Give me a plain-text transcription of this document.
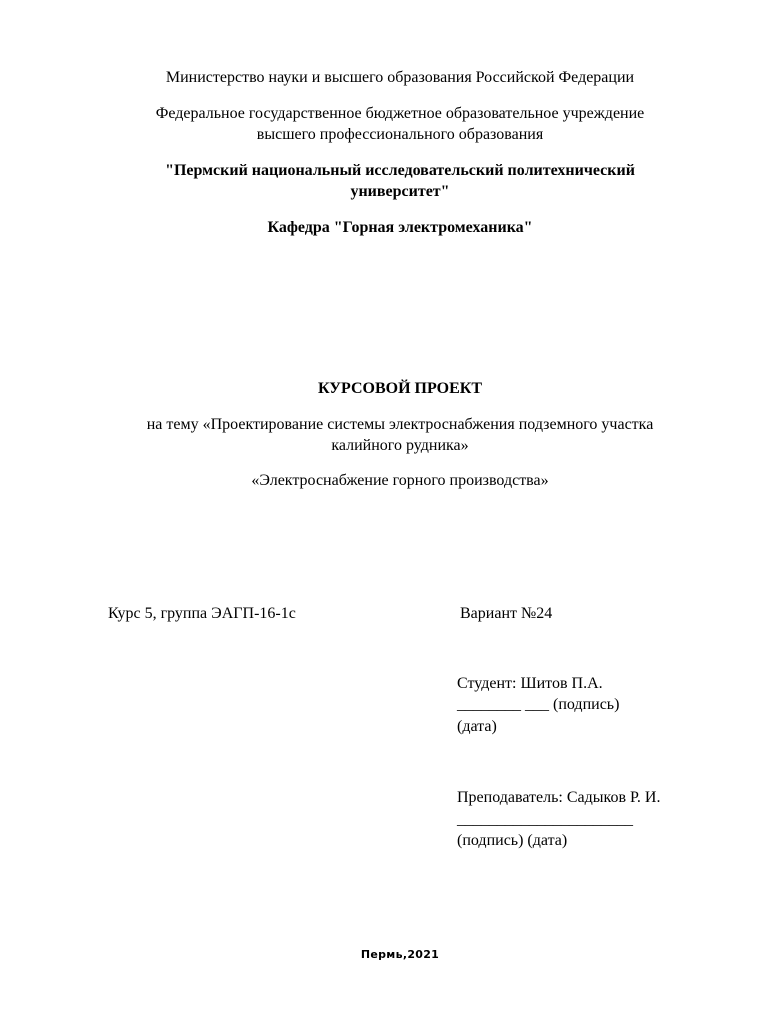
Министерство науки и высшего образования Российской Федерации
Федеральное государственное бюджетное образовательное учреждение
высшего профессионального образования
"Пермский национальный исследовательский политехнический
университет"
Кафедра "Горная электромеханика"
КУРСОВОЙ ПРОЕКТ
на тему «Проектирование системы электроснабжения подземного участка
калийного рудника»
«Электроснабжение горного производства»
Курс 5, группа ЭАГП-16-1с	Вариант №24
Студент: Шитов П.А.
________ ___ (подпись)
(дата)
Преподаватель: Садыков Р. И.
______________________
(подпись) (дата)
Пермь,2021
